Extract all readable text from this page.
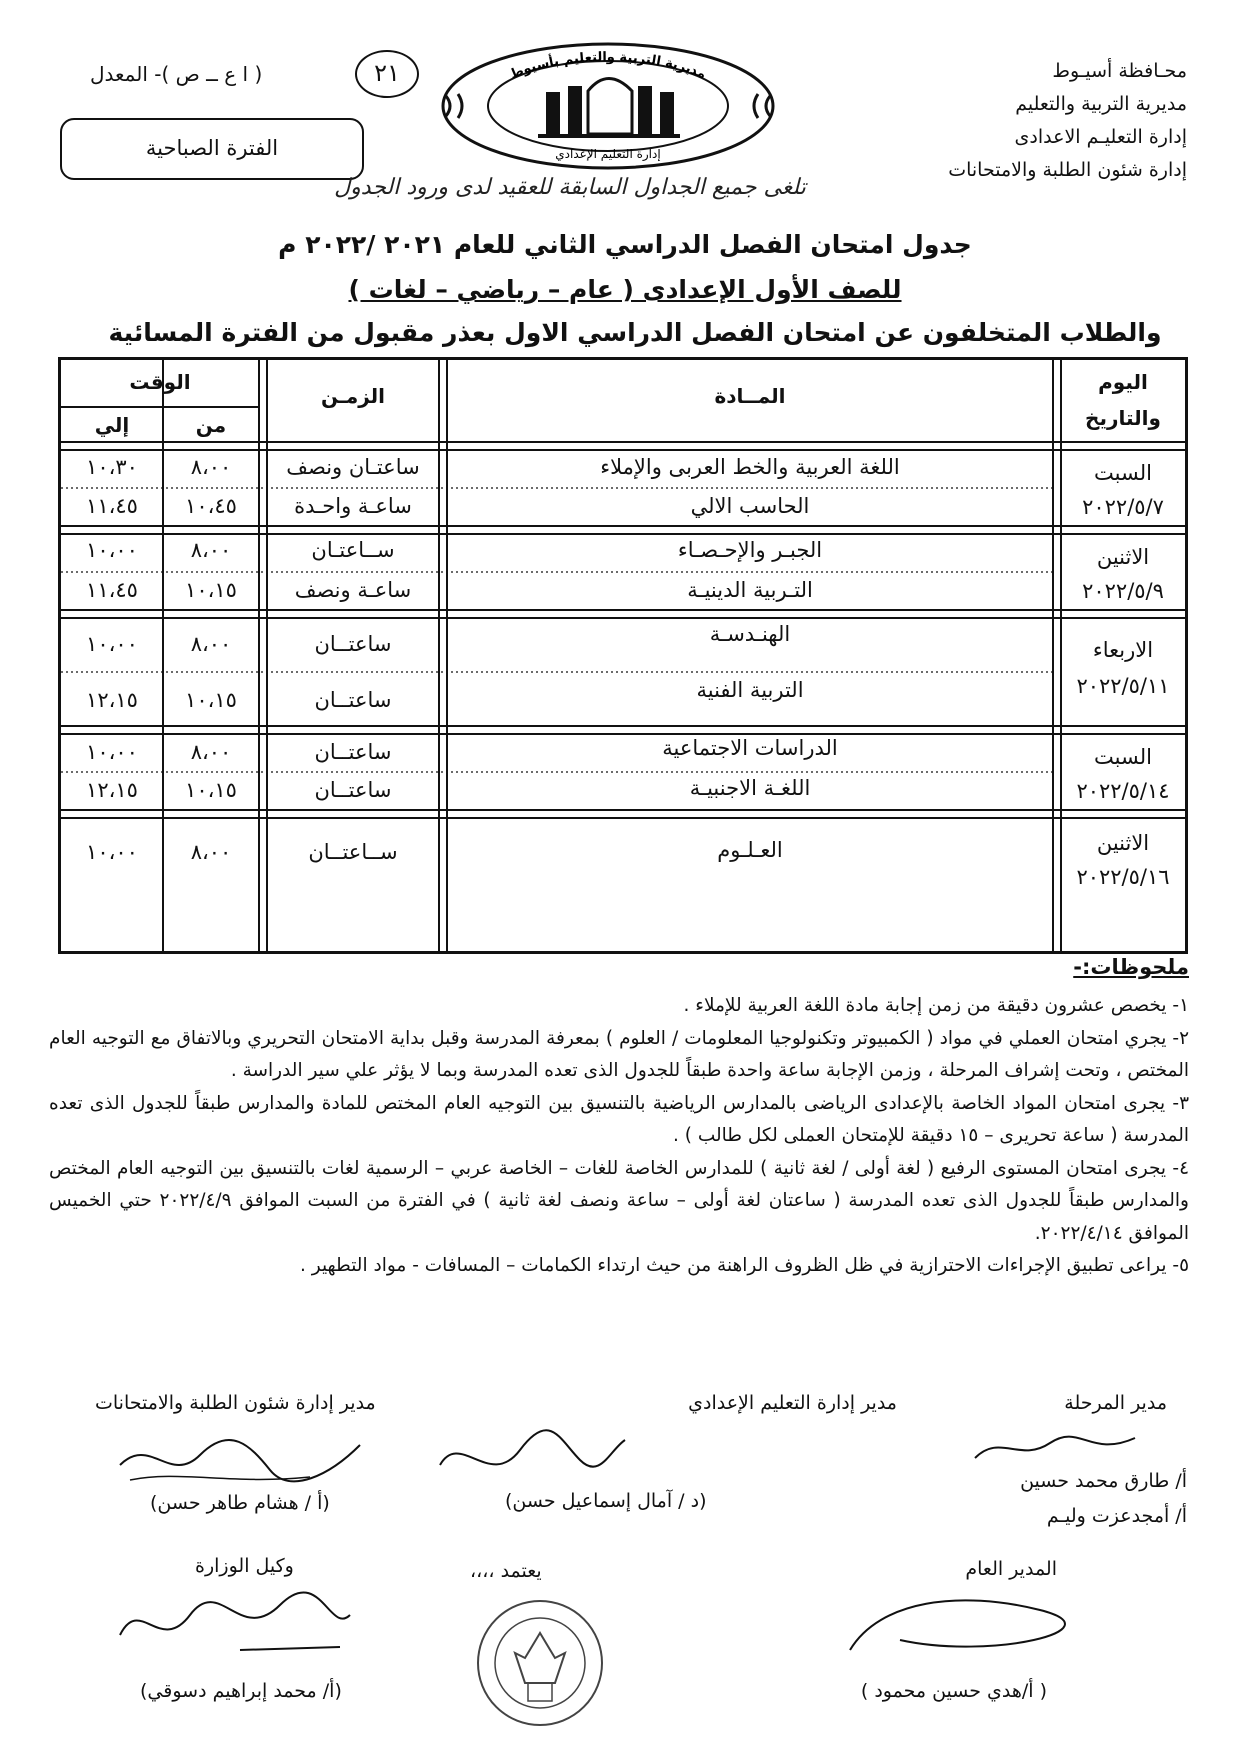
محـافظة أسيـوط
مديرية التربية والتعليم
إدارة التعليـم الاعدادى
إدارة شئون الطلبة والامتحانات
( ا ع ــ ص )- المعدل	٢١	مديرية التربية والتعليم بأسيوط
إدارة التعليم الإعدادي
الفترة الصباحية
تلغى جميع الجداول السابقة للعقيد لدى ورود الجدول
جدول امتحان الفصل الدراسي الثاني للعام ٢٠٢١ /٢٠٢٢ م
للصف الأول الإعدادى ( عام – رياضي – لغات )
والطلاب المتخلفون عن امتحان الفصل الدراسي الاول بعذر مقبول من الفترة المسائية
اليوم
والتاريخ
المــادة
الزمـن
الوقت
من
إلي
السبت
٢٠٢٢/٥/٧
اللغة العربية والخط العربى والإملاء
ساعتـان ونصف
٨،٠٠
١٠،٣٠
الحاسب الالي
ساعـة واحـدة
١٠،٤٥
١١،٤٥
الاثنين
٢٠٢٢/٥/٩
الجبـر والإحـصـاء
ســاعتـان
٨،٠٠
١٠،٠٠
التـربية الدينيـة
ساعـة ونصف
١٠،١٥
١١،٤٥
الاربعاء
٢٠٢٢/٥/١١
الهنـدسـة
ساعتــان
٨،٠٠
١٠،٠٠
التربية الفنية
ساعتــان
١٠،١٥
١٢،١٥
السبت
٢٠٢٢/٥/١٤
الدراسات الاجتماعية
ساعتــان
٨،٠٠
١٠،٠٠
اللغـة الاجنبيـة
ساعتــان
١٠،١٥
١٢،١٥
الاثنين
٢٠٢٢/٥/١٦
العـلـوم
ســاعتــان
٨،٠٠
١٠،٠٠
ملحوظات:-

١- يخصص عشرون دقيقة من زمن إجابة مادة اللغة العربية للإملاء .

٢- يجري امتحان العملي في مواد ( الكمبيوتر وتكنولوجيا المعلومات / العلوم ) بمعرفة المدرسة وقبل بداية الامتحان التحريري وبالاتفاق مع التوجيه العام المختص ، وتحت إشراف المرحلة ، وزمن الإجابة ساعة واحدة طبقاً للجدول الذى تعده المدرسة وبما لا يؤثر علي سير الدراسة .

٣- يجرى امتحان المواد الخاصة بالإعدادى الرياضى بالمدارس الرياضية بالتنسيق بين التوجيه العام المختص للمادة والمدارس طبقاً للجدول الذى تعده المدرسة ( ساعة تحريرى – ١٥ دقيقة للإمتحان العملى لكل طالب ) .

٤- يجرى امتحان المستوى الرفيع ( لغة أولى / لغة ثانية ) للمدارس الخاصة للغات – الخاصة عربي – الرسمية لغات بالتنسيق بين التوجيه العام المختص والمدارس طبقاً للجدول الذى تعده المدرسة ( ساعتان لغة أولى – ساعة ونصف لغة ثانية ) في الفترة من السبت الموافق ٢٠٢٢/٤/٩ حتي الخميس الموافق ٢٠٢٢/٤/١٤.

٥- يراعى تطبيق الإجراءات الاحترازية في ظل الظروف الراهنة من حيث ارتداء الكمامات – المسافات - مواد التطهير .

مدير المرحلة
أ/ طارق محمد حسين
أ/ أمجدعزت وليـم
مدير إدارة التعليم الإعدادي
مدير إدارة شئون الطلبة والامتحانات
(د / آمال إسماعيل حسن)
(أ / هشام طاهر حسن)
المدير العام
( أ/هدي حسين محمود )
يعتمد ،،،،
وكيل الوزارة
(أ/ محمد إبراهيم دسوقي)
